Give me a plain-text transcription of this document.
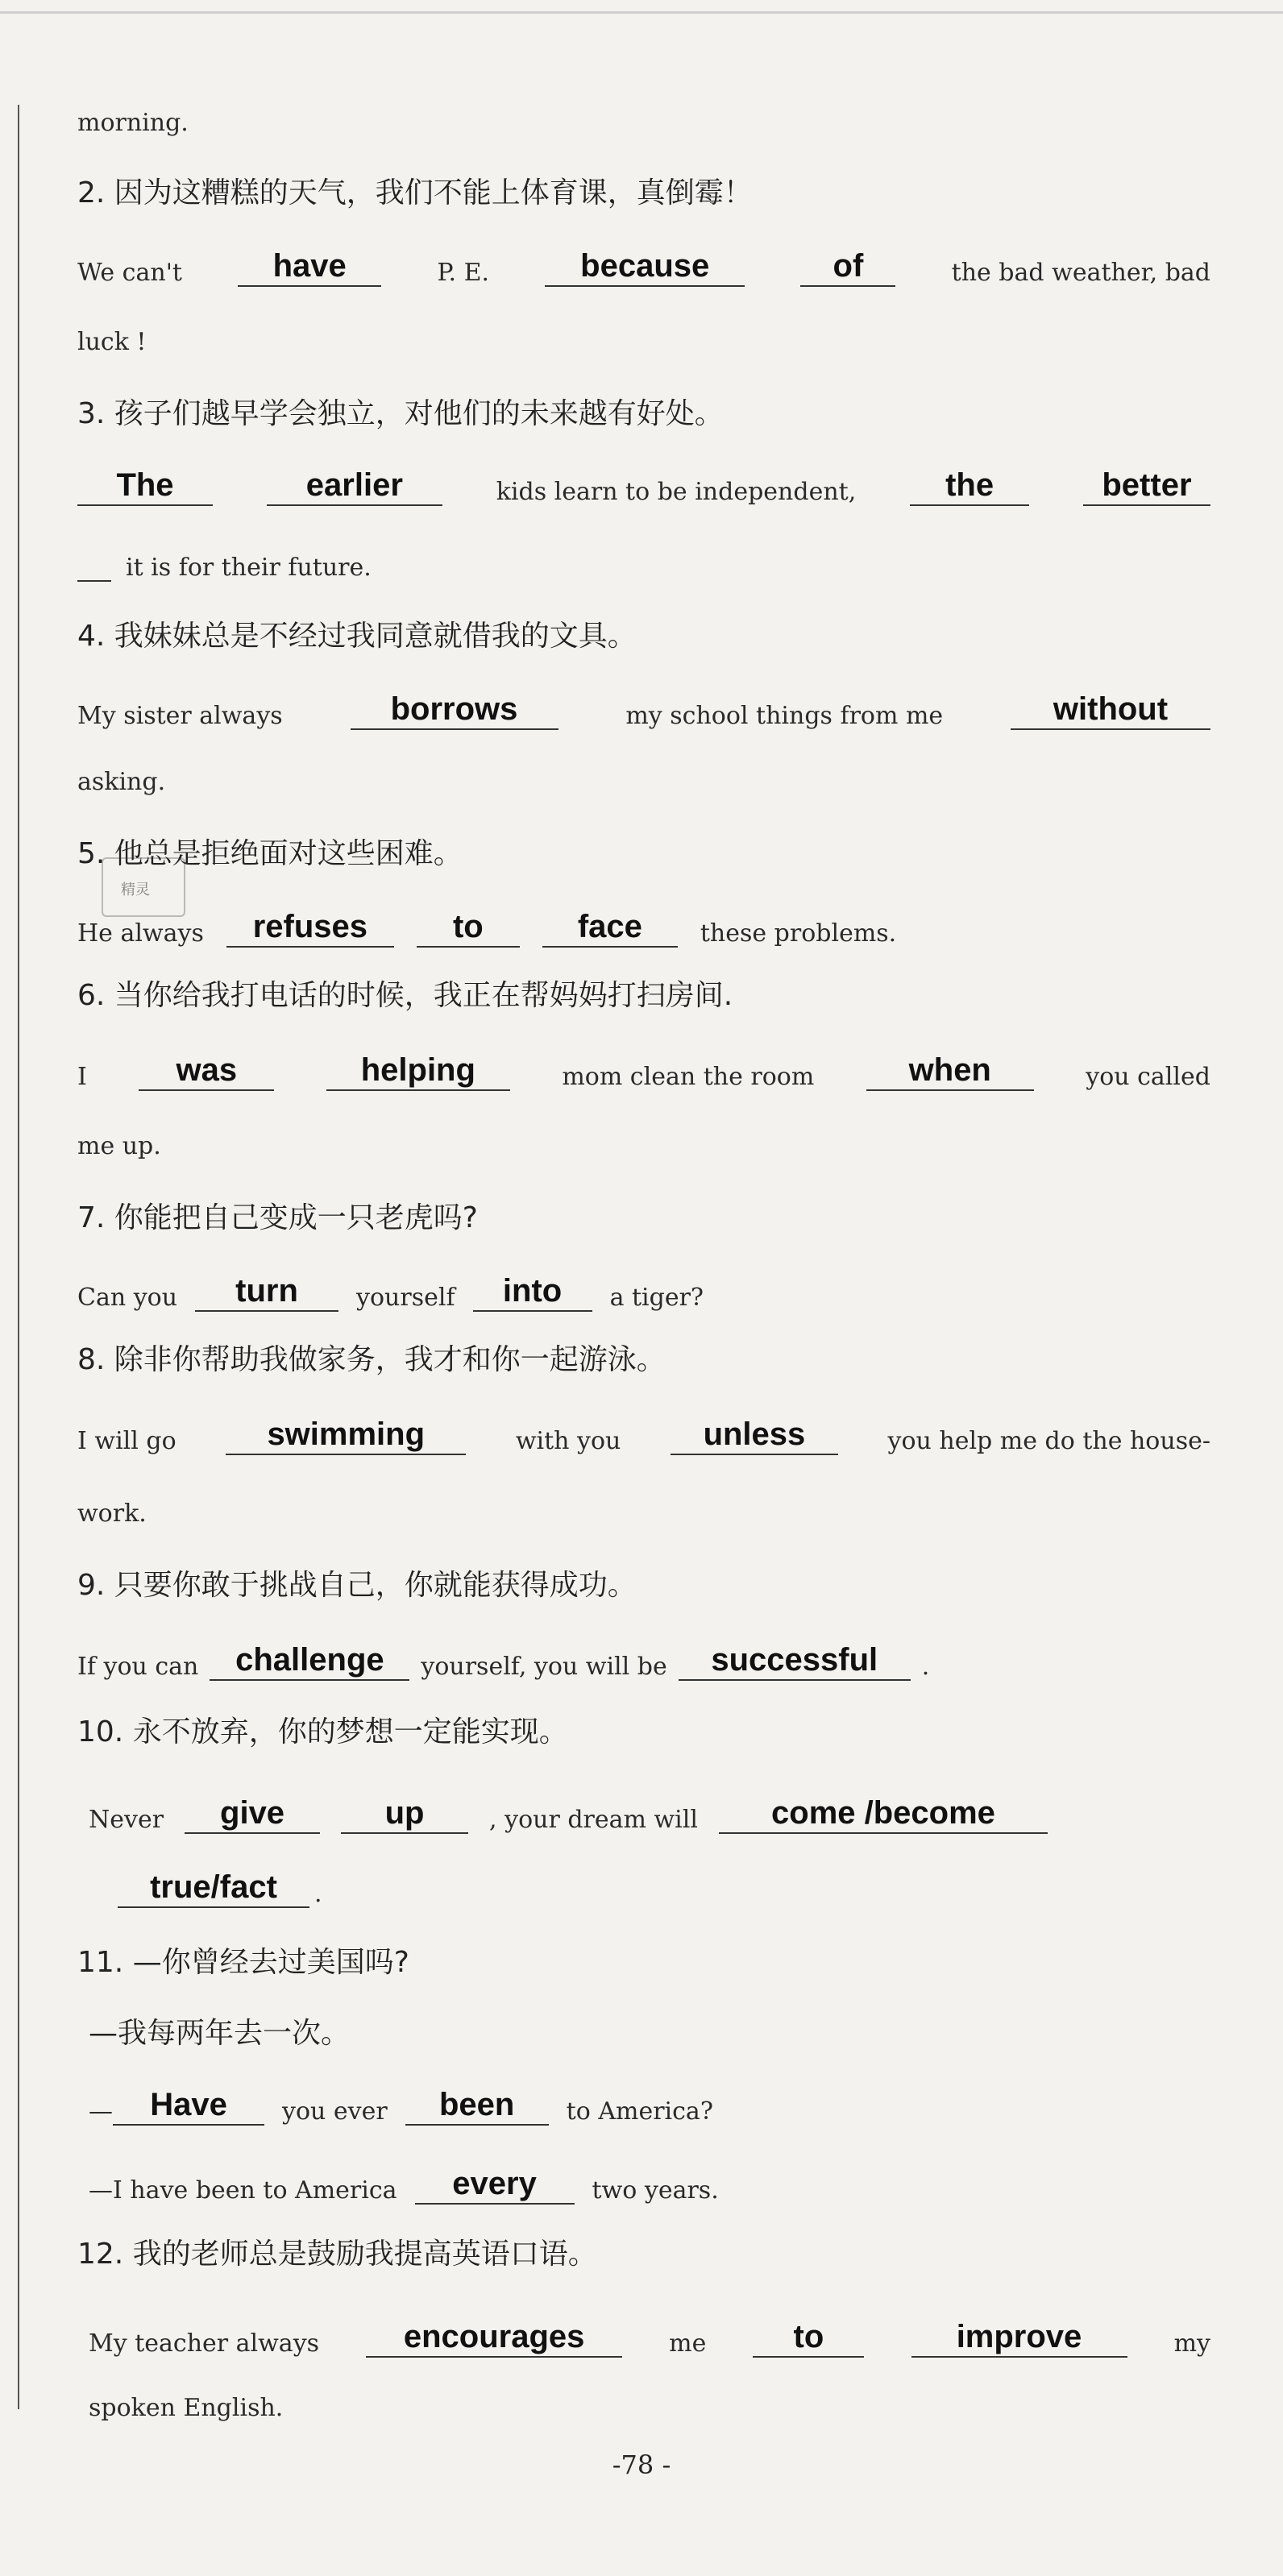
精灵
morning.
2. 因为这糟糕的天气，我们不能上体育课，真倒霉！
We can't	have	P. E.	because	of	the bad weather, bad
luck !
3. 孩子们越早学会独立，对他们的未来越有好处。
The	earlier	kids learn to be independent,	the	better
it is for their future.
4. 我妹妹总是不经过我同意就借我的文具。
My sister always	borrows	my school things from me	without
asking.
5. 他总是拒绝面对这些困难。
He always	refuses	to	face	these problems.
6. 当你给我打电话的时候，我正在帮妈妈打扫房间.
I	was	helping	mom clean the room	when	you called
me up.
7. 你能把自己变成一只老虎吗?
Can you	turn	yourself	into	a tiger?
8. 除非你帮助我做家务，我才和你一起游泳。
I will go	swimming	with you	unless	you help me do the house-
work.
9. 只要你敢于挑战自己，你就能获得成功。
If you can	challenge	yourself, you will be	successful	.
10. 永不放弃，你的梦想一定能实现。
Never	give	up	, your dream will	come /become
true/fact	.
11. —你曾经去过美国吗?
—我每两年去一次。
—	Have	you ever	been	to America?
—I have been to America	every	two years.
12. 我的老师总是鼓励我提高英语口语。
My teacher always	encourages	me	to	improve	my
spoken English.
-78 -
